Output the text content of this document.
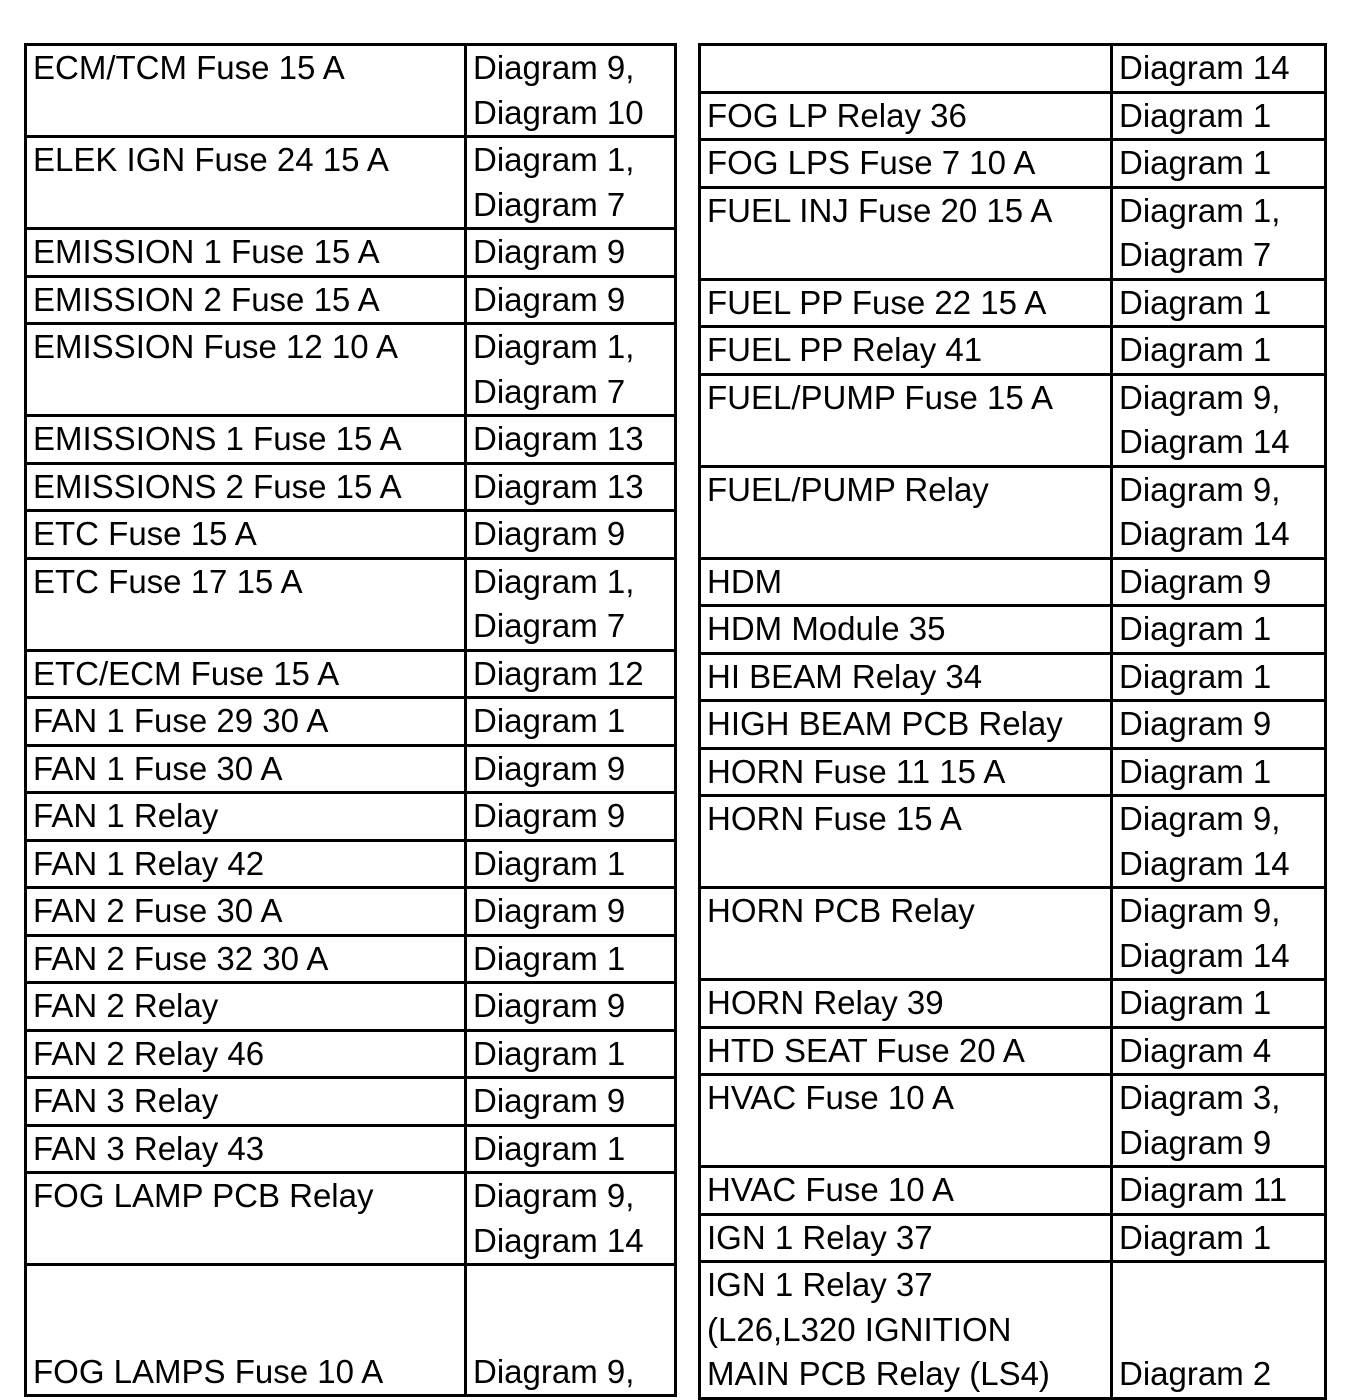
ECM/TCM Fuse 15 A	Diagram 9,
Diagram 10

ELEK IGN Fuse 24 15 A	Diagram 1,
Diagram 7

EMISSION 1 Fuse 15 A	Diagram 9

EMISSION 2 Fuse 15 A	Diagram 9

EMISSION Fuse 12 10 A	Diagram 1,
Diagram 7

EMISSIONS 1 Fuse 15 A	Diagram 13

EMISSIONS 2 Fuse 15 A	Diagram 13

ETC Fuse 15 A	Diagram 9

ETC Fuse 17 15 A	Diagram 1,
Diagram 7

ETC/ECM Fuse 15 A	Diagram 12

FAN 1 Fuse 29 30 A	Diagram 1

FAN 1 Fuse 30 A	Diagram 9

FAN 1 Relay	Diagram 9

FAN 1 Relay 42	Diagram 1

FAN 2 Fuse 30 A	Diagram 9

FAN 2 Fuse 32 30 A	Diagram 1

FAN 2 Relay	Diagram 9

FAN 2 Relay 46	Diagram 1

FAN 3 Relay	Diagram 9

FAN 3 Relay 43	Diagram 1

FOG LAMP PCB Relay	Diagram 9,
Diagram 14

FOG LAMPS Fuse 10 A	Diagram 9,

	Diagram 14

FOG LP Relay 36	Diagram 1

FOG LPS Fuse 7 10 A	Diagram 1

FUEL INJ Fuse 20 15 A	Diagram 1,
Diagram 7

FUEL PP Fuse 22 15 A	Diagram 1

FUEL PP Relay 41	Diagram 1

FUEL/PUMP Fuse 15 A	Diagram 9,
Diagram 14

FUEL/PUMP Relay	Diagram 9,
Diagram 14

HDM	Diagram 9

HDM Module 35	Diagram 1

HI BEAM Relay 34	Diagram 1

HIGH BEAM PCB Relay	Diagram 9

HORN Fuse 11 15 A	Diagram 1

HORN Fuse 15 A	Diagram 9,
Diagram 14

HORN PCB Relay	Diagram 9,
Diagram 14

HORN Relay 39	Diagram 1

HTD SEAT Fuse 20 A	Diagram 4

HVAC Fuse 10 A	Diagram 3,
Diagram 9

HVAC Fuse 10 A	Diagram 11

IGN 1 Relay 37	Diagram 1

IGN 1 Relay 37
(L26,L320 IGNITION
MAIN PCB Relay (LS4)	Diagram 2
